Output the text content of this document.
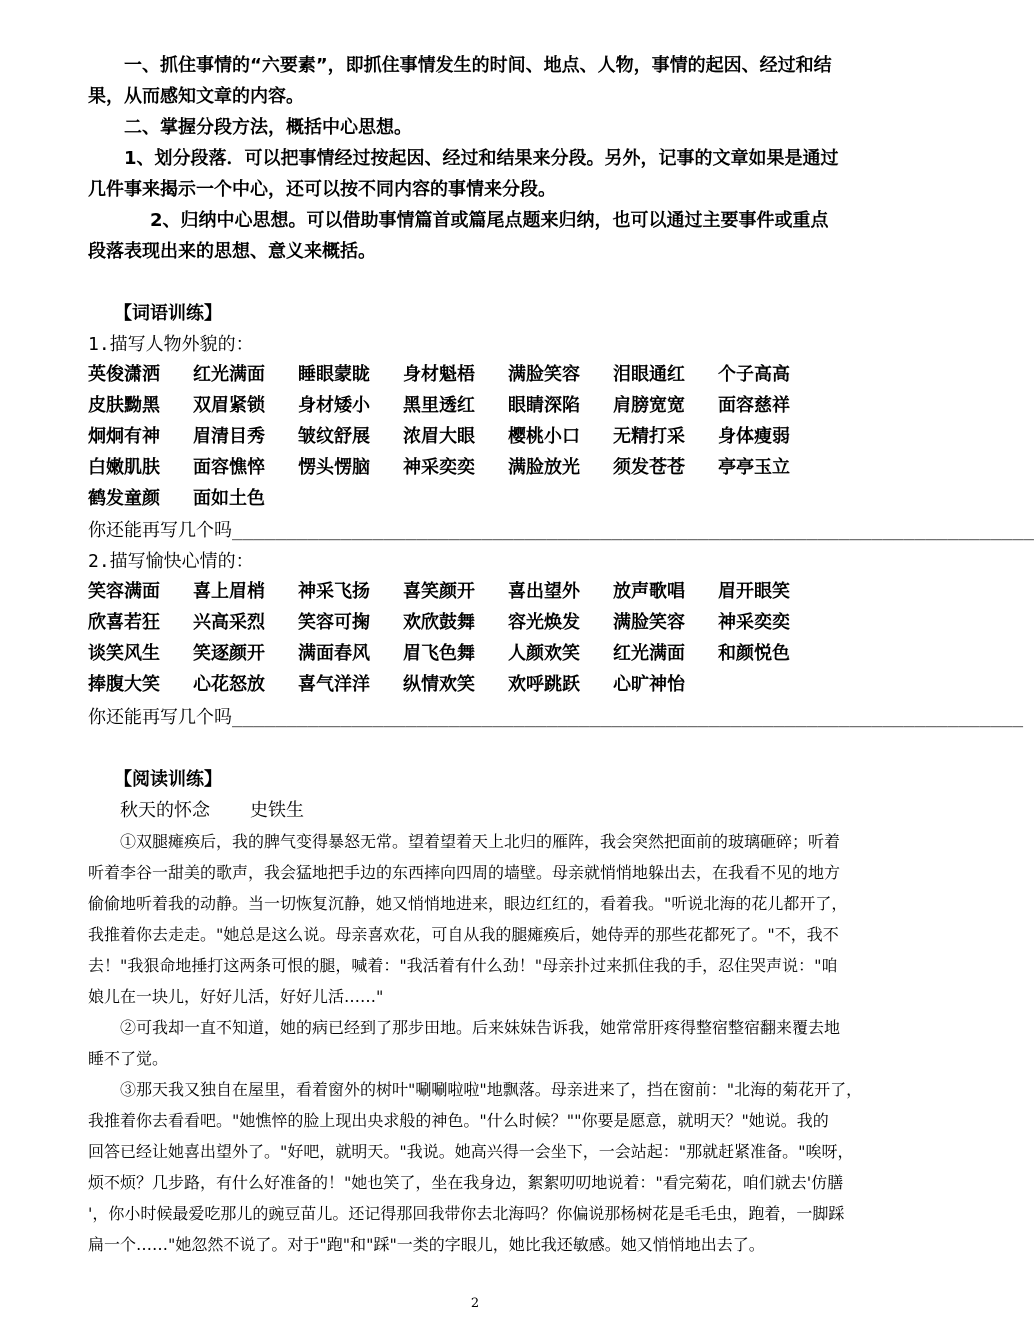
一、抓住事情的“六要素”，即抓住事情发生的时间、地点、人物，事情的起因、经过和结
果，从而感知文章的内容。
二、掌握分段方法，概括中心思想。
1、划分段落．可以把事情经过按起因、经过和结果来分段。另外，记事的文章如果是通过
几件事来揭示一个中心，还可以按不同内容的事情来分段。
2、归纳中心思想。可以借助事情篇首或篇尾点题来归纳，也可以通过主要事件或重点
段落表现出来的思想、意义来概括。
【词语训练】
1.描写人物外貌的：
英俊潇洒 红光满面 睡眼蒙眬 身材魁梧 满脸笑容 泪眼通红 个子高高
皮肤黝黑 双眉紧锁 身材矮小 黑里透红 眼睛深陷 肩膀宽宽 面容慈祥
炯炯有神 眉清目秀 皱纹舒展 浓眉大眼 樱桃小口 无精打采 身体瘦弱
白嫩肌肤 面容憔悴 愣头愣脑 神采奕奕 满脸放光 须发苍苍 亭亭玉立
鹤发童颜 面如土色
你还能再写几个吗__________________________________________________________________________
2.描写愉快心情的：
笑容满面 喜上眉梢 神采飞扬 喜笑颜开 喜出望外 放声歌唱 眉开眼笑
欣喜若狂 兴高采烈 笑容可掬 欢欣鼓舞 容光焕发 满脸笑容 神采奕奕
谈笑风生 笑逐颜开 满面春风 眉飞色舞 人颜欢笑 红光满面 和颜悦色
捧腹大笑 心花怒放 喜气洋洋 纵情欢笑 欢呼跳跃 心旷神怡
你还能再写几个吗_________________________________________________________________________
【阅读训练】
秋天的怀念 史铁生
①双腿瘫痪后，我的脾气变得暴怒无常。望着望着天上北归的雁阵，我会突然把面前的玻璃砸碎；听着
听着李谷一甜美的歌声，我会猛地把手边的东西摔向四周的墙壁。母亲就悄悄地躲出去，在我看不见的地方
偷偷地听着我的动静。当一切恢复沉静，她又悄悄地进来，眼边红红的，看着我。"听说北海的花儿都开了，
我推着你去走走。"她总是这么说。母亲喜欢花，可自从我的腿瘫痪后，她侍弄的那些花都死了。"不，我不
去！"我狠命地捶打这两条可恨的腿，喊着："我活着有什么劲！"母亲扑过来抓住我的手，忍住哭声说："咱
娘儿在一块儿，好好儿活，好好儿活……"
②可我却一直不知道，她的病已经到了那步田地。后来妹妹告诉我，她常常肝疼得整宿整宿翻来覆去地
睡不了觉。
③那天我又独自在屋里，看着窗外的树叶"唰唰啦啦"地飘落。母亲进来了，挡在窗前："北海的菊花开了，
我推着你去看看吧。"她憔悴的脸上现出央求般的神色。"什么时候？""你要是愿意，就明天？"她说。我的
回答已经让她喜出望外了。"好吧，就明天。"我说。她高兴得一会坐下，一会站起："那就赶紧准备。"唉呀，
烦不烦？几步路，有什么好准备的！"她也笑了，坐在我身边，絮絮叨叨地说着："看完菊花，咱们就去'仿膳
'，你小时候最爱吃那儿的豌豆苗儿。还记得那回我带你去北海吗？你偏说那杨树花是毛毛虫，跑着，一脚踩
扁一个……"她忽然不说了。对于"跑"和"踩"一类的字眼儿，她比我还敏感。她又悄悄地出去了。
2
